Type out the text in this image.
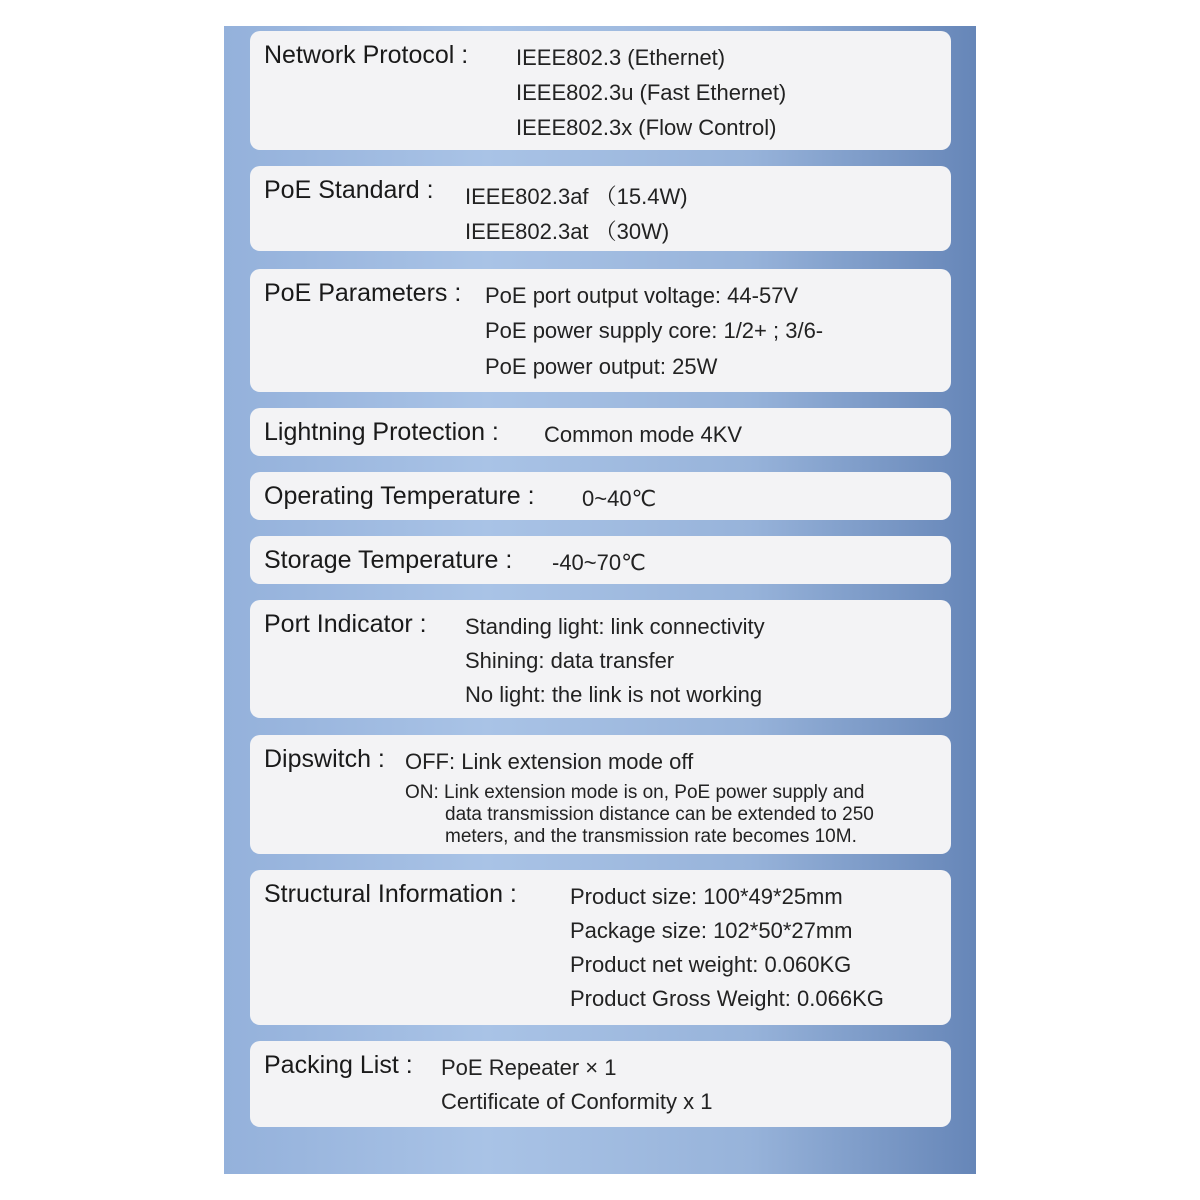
Network Protocol : IEEE802.3 (Ethernet)
IEEE802.3u (Fast Ethernet)
IEEE802.3x (Flow Control)
PoE Standard : IEEE802.3af （15.4W)
IEEE802.3at （30W)
PoE Parameters : PoE port output voltage: 44-57V
PoE power supply core: 1/2+ ; 3/6-
PoE power output: 25W
Lightning Protection : Common mode 4KV
Operating Temperature : 0~40℃
Storage Temperature : -40~70℃
Port Indicator : Standing light: link connectivity
Shining: data transfer
No light: the link is not working
Dipswitch : OFF: Link extension mode off
ON: Link extension mode is on, PoE power supply and
data transmission distance can be extended to 250
meters, and the transmission rate becomes 10M.
Structural Information : Product size: 100*49*25mm
Package size: 102*50*27mm
Product net weight: 0.060KG
Product Gross Weight: 0.066KG
Packing List : PoE Repeater × 1
Certificate of Conformity x 1
